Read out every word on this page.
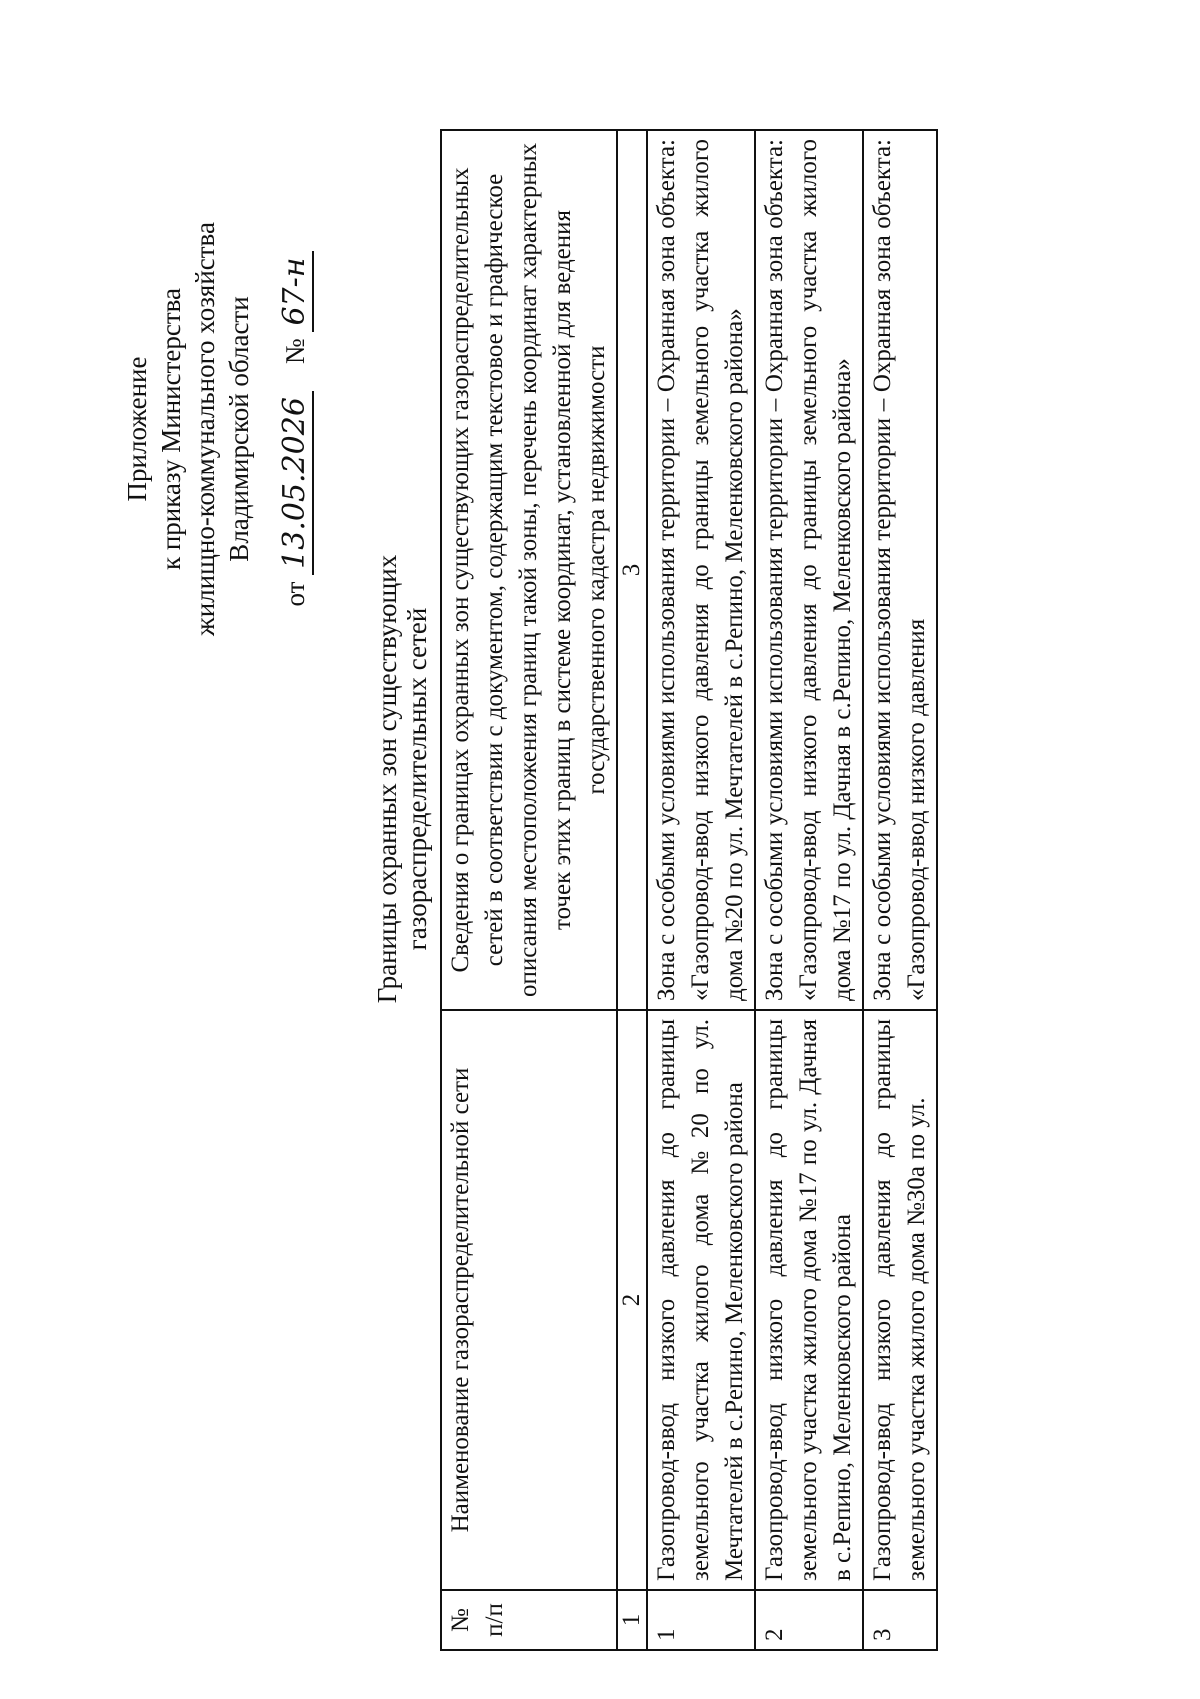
Приложение к приказу Министерства жилищно-коммунального хозяйства Владимирской области
от 13.05.2026    № 67-н
Границы охранных зон существующих газораспределительных сетей
№ п/п	Наименование газораспределительной сети	Сведения о границах охранных зон существующих газораспределительных сетей в соответствии с документом, содержащим текстовое и графическое описания местоположения границ такой зоны, перечень координат характерных точек этих границ в системе координат, установленной для ведения государственного кадастра недвижимости
1	2	3
1	Газопровод-ввод низкого давления до границы земельного участка жилого дома №20 по ул. Мечтателей в с.Репино, Меленковского района	Зона с особыми условиями использования территории – Охранная зона объекта: «Газопровод-ввод низкого давления до границы земельного участка жилого дома №20 по ул. Мечтателей в с.Репино, Меленковского района»
2	Газопровод-ввод низкого давления до границы земельного участка жилого дома №17 по ул. Дачная в с.Репино, Меленковского района	Зона с особыми условиями использования территории – Охранная зона объекта: «Газопровод-ввод низкого давления до границы земельного участка жилого дома №17 по ул. Дачная в с.Репино, Меленковского района»
3	Газопровод-ввод низкого давления до границы земельного участка жилого дома №30а по ул.	Зона с особыми условиями использования территории – Охранная зона объекта: «Газопровод-ввод низкого давления
